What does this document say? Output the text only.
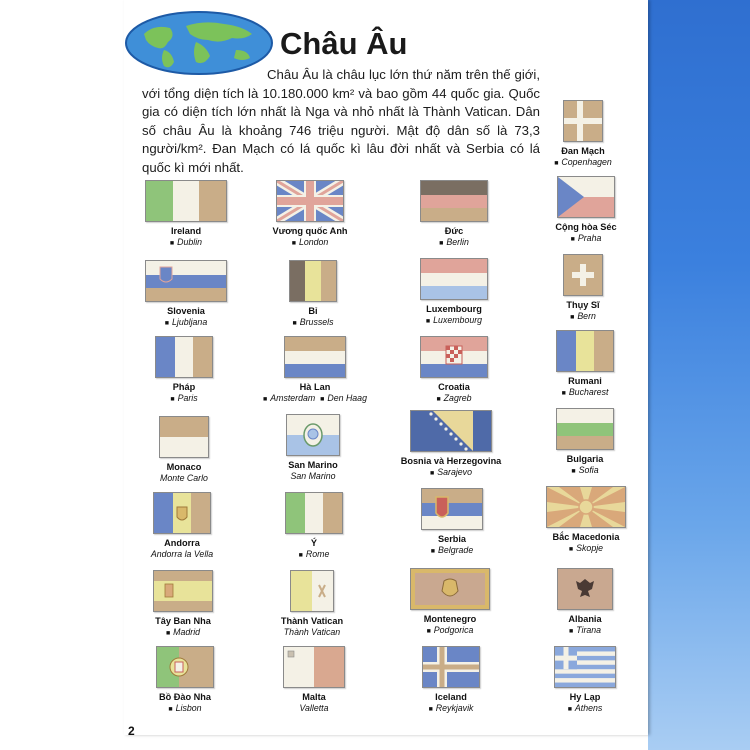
Châu Âu

Châu Âu là châu lục lớn thứ năm trên thế giới, với tổng diện tích là 10.180.000 km² và bao gồm 44 quốc gia. Quốc gia có diện tích lớn nhất là Nga và nhỏ nhất là Thành Vatican. Dân số châu Âu là khoảng 746 triệu người. Mật độ dân số là 73,3 người/km². Đan Mạch có lá quốc kì lâu đời nhất và Serbia có lá quốc kì mới nhất.

Đan Mạch
■ Copenhagen
Ireland
■ Dublin
Vương quốc Anh
■ London
Đức
■ Berlin
Cộng hòa Séc
■ Praha
Slovenia
■ Ljubljana
Bỉ
■ Brussels
Luxembourg
■ Luxembourg
Thụy Sĩ
■ Bern
Pháp
■ Paris
Hà Lan
■ Amsterdam ■ Den Haag
Croatia
■ Zagreb
Rumani
■ Bucharest
Monaco
Monte Carlo
San Marino
San Marino
Bosnia và Herzegovina
■ Sarajevo
Bulgaria
■ Sofia
Andorra
Andorra la Vella
Ý
■ Rome
Serbia
■ Belgrade
Bắc Macedonia
■ Skopje
Tây Ban Nha
■ Madrid
Thành Vatican
Thành Vatican
Montenegro
■ Podgorica
Albania
■ Tirana
Bồ Đào Nha
■ Lisbon
Malta
Valletta
Iceland
■ Reykjavik
Hy Lạp
■ Athens
2
